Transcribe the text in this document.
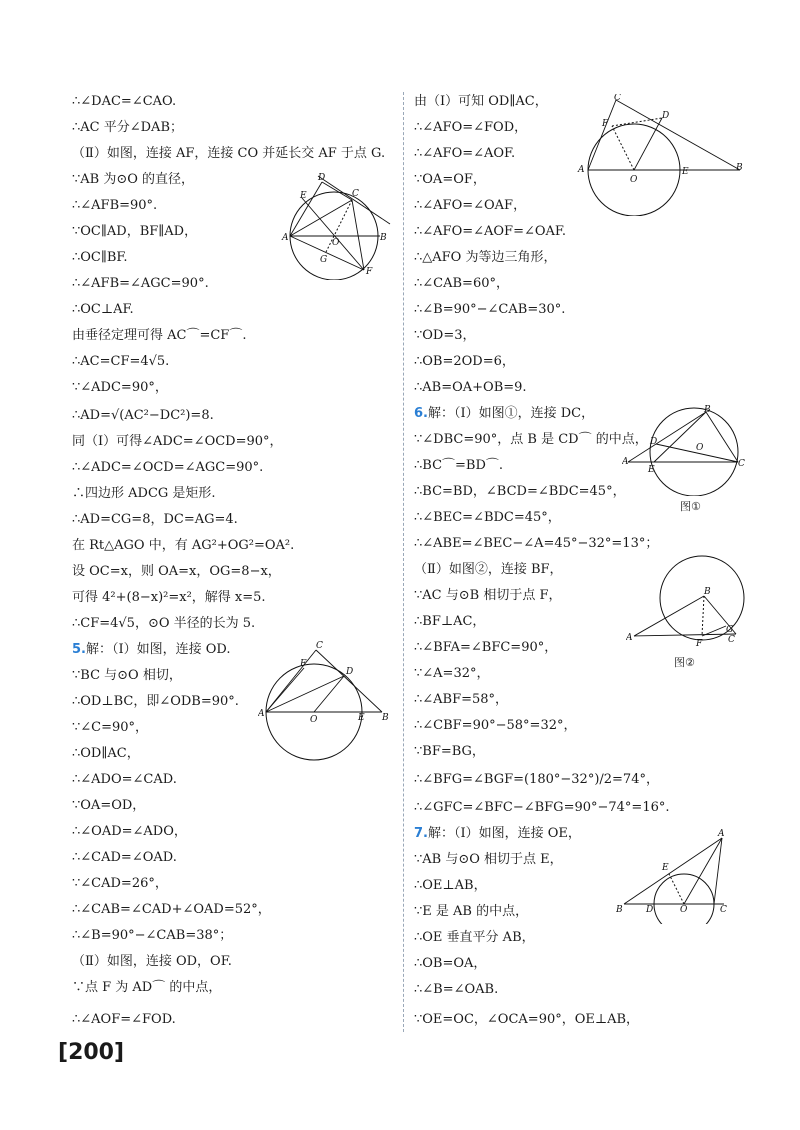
∴∠DAC=∠CAO.
∴AC 平分∠DAB；
（Ⅱ）如图，连接 AF，连接 CO 并延长交 AF 于点 G.
∵AB 为⊙O 的直径，
∴∠AFB=90°.
∵OC∥AD，BF∥AD，
∴OC∥BF.
∴∠AFB=∠AGC=90°.
∴OC⊥AF.
由垂径定理可得 AC⌒=CF⌒.
∴AC=CF=4√5.
∵∠ADC=90°，
∴AD=√(AC²−DC²)=8.
同（Ⅰ）可得∠ADC=∠OCD=90°，
∴∠ADC=∠OCD=∠AGC=90°.
∴四边形 ADCG 是矩形.
∴AD=CG=8，DC=AG=4.
在 Rt△AGO 中，有 AG²+OG²=OA².
设 OC=x，则 OA=x，OG=8−x，
可得 4²+(8−x)²=x²，解得 x=5.
∴CF=4√5，⊙O 半径的长为 5.
5.解：（Ⅰ）如图，连接 OD.
∵BC 与⊙O 相切，
∴OD⊥BC，即∠ODB=90°.
∵∠C=90°，
∴OD∥AC，
∴∠ADO=∠CAD.
∵OA=OD，
∴∠OAD=∠ADO，
∴∠CAD=∠OAD.
∵∠CAD=26°，
∴∠CAB=∠CAD+∠OAD=52°，
∴∠B=90°−∠CAB=38°；
（Ⅱ）如图，连接 OD，OF.
∵点 F 为 AD⌒ 的中点，
∴∠AOF=∠FOD.
由（Ⅰ）可知 OD∥AC，
∴∠AFO=∠FOD，
∴∠AFO=∠AOF.
∵OA=OF，
∴∠AFO=∠OAF，
∴∠AFO=∠AOF=∠OAF.
∴△AFO 为等边三角形，
∴∠CAB=60°，
∴∠B=90°−∠CAB=30°.
∵OD=3，
∴OB=2OD=6，
∴AB=OA+OB=9.
6.解：（Ⅰ）如图①，连接 DC，
∵∠DBC=90°，点 B 是 CD⌒ 的中点，
∴BC⌒=BD⌒.
∴BC=BD，∠BCD=∠BDC=45°，
∴∠BEC=∠BDC=45°，
∴∠ABE=∠BEC−∠A=45°−32°=13°；
（Ⅱ）如图②，连接 BF，
∵AC 与⊙B 相切于点 F，
∴BF⊥AC，
∴∠BFA=∠BFC=90°，
∵∠A=32°，
∴∠ABF=58°，
∴∠CBF=90°−58°=32°，
∵BF=BG，
∴∠BFG=∠BGF=(180°−32°)/2=74°，
∴∠GFC=∠BFC−∠BFG=90°−74°=16°.
7.解：（Ⅰ）如图，连接 OE，
∵AB 与⊙O 相切于点 E，
∴OE⊥AB，
∵E 是 AB 的中点，
∴OE 垂直平分 AB，
∴OB=OA，
∴∠B=∠OAB.
∵OE=OC，∠OCA=90°，OE⊥AB，
D
C
E
A	O	B
G
F
C
F
D
A
O	E B
C
F
D
A
O
E	B
B
D
O
A
E
C
图①
B
A
F
G
C
图②
A
E
B	D	O	C
[200]
